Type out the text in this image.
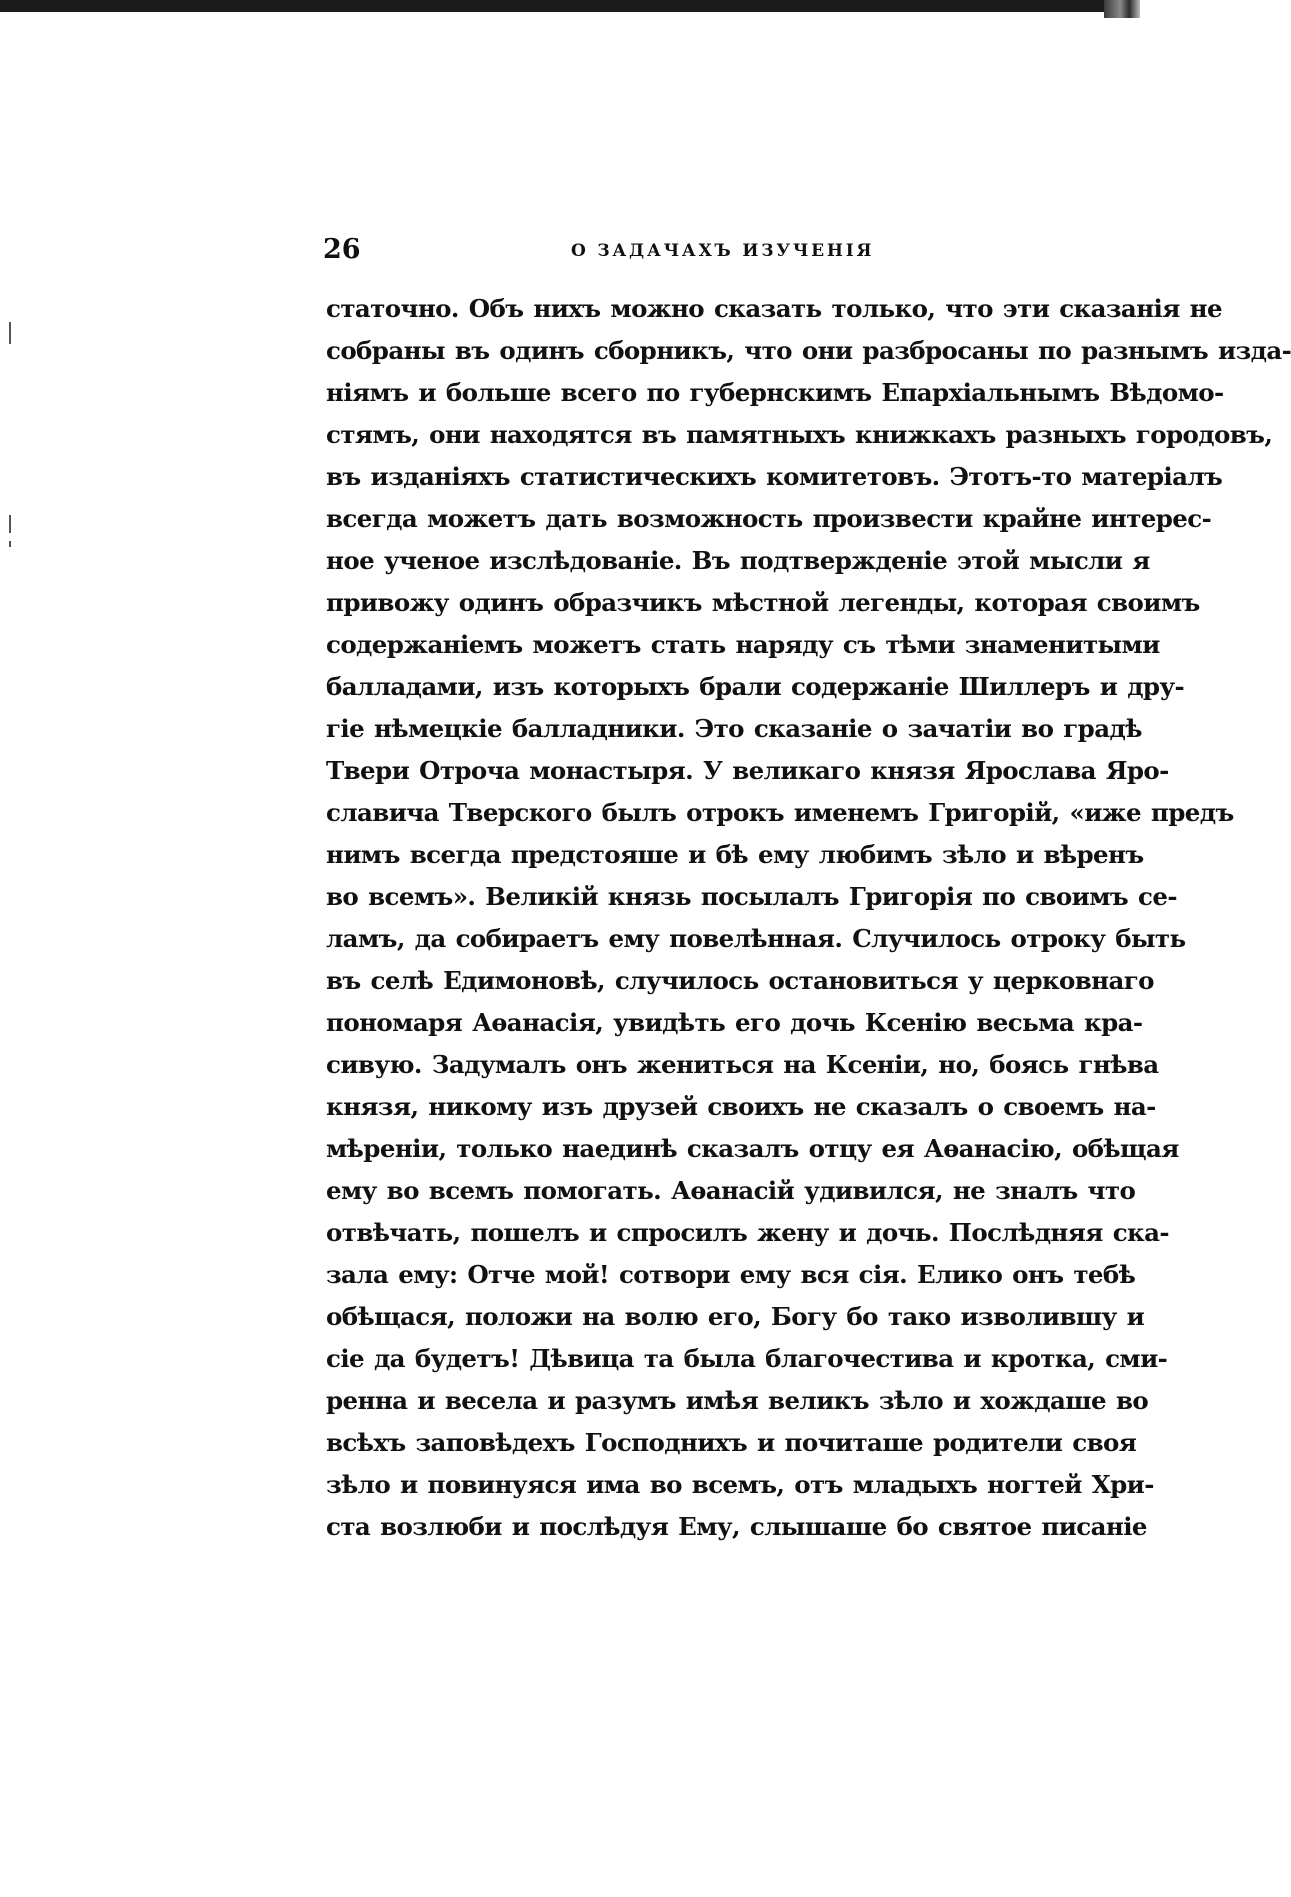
26	О ЗАДАЧАХЪ ИЗУЧЕНІЯ
статочно. Объ нихъ можно сказать только, что эти сказанія не
собраны въ одинъ сборникъ, что они разбросаны по разнымъ изда-
ніямъ и больше всего по губернскимъ Епархіальнымъ Вѣдомо-
стямъ, они находятся въ памятныхъ книжкахъ разныхъ городовъ,
въ изданіяхъ статистическихъ комитетовъ. Этотъ-то матеріалъ
всегда можетъ дать возможность произвести крайне интерес-
ное ученое изслѣдованіе. Въ подтвержденіе этой мысли я
привожу одинъ образчикъ мѣстной легенды, которая своимъ
содержаніемъ можетъ стать наряду съ тѣми знаменитыми
балладами, изъ которыхъ брали содержаніе Шиллеръ и дру-
гіе нѣмецкіе балладники. Это сказаніе о зачатіи во градѣ
Твери Отроча монастыря. У великаго князя Ярослава Яро-
славича Тверского былъ отрокъ именемъ Григорій, «иже предъ
нимъ всегда предстояше и бѣ ему любимъ зѣло и вѣренъ
во всемъ». Великій князь посылалъ Григорія по своимъ се-
ламъ, да собираетъ ему повелѣнная. Случилось отроку быть
въ селѣ Едимоновѣ, случилось остановиться у церковнаго
пономаря Аѳанасія, увидѣть его дочь Ксенію весьма кра-
сивую. Задумалъ онъ жениться на Ксеніи, но, боясь гнѣва
князя, никому изъ друзей своихъ не сказалъ о своемъ на-
мѣреніи, только наединѣ сказалъ отцу ея Аѳанасію, обѣщая
ему во всемъ помогать. Аѳанасій удивился, не зналъ что
отвѣчать, пошелъ и спросилъ жену и дочь. Послѣдняя ска-
зала ему: Отче мой! сотвори ему вся сія. Елико онъ тебѣ
обѣщася, положи на волю его, Богу бо тако изволившу и
сіе да будетъ! Дѣвица та была благочестива и кротка, сми-
ренна и весела и разумъ имѣя великъ зѣло и хождаше во
всѣхъ заповѣдехъ Господнихъ и почиташе родители своя
зѣло и повинуяся има во всемъ, отъ младыхъ ногтей Хри-
ста возлюби и послѣдуя Ему, слышаше бо святое писаніе
